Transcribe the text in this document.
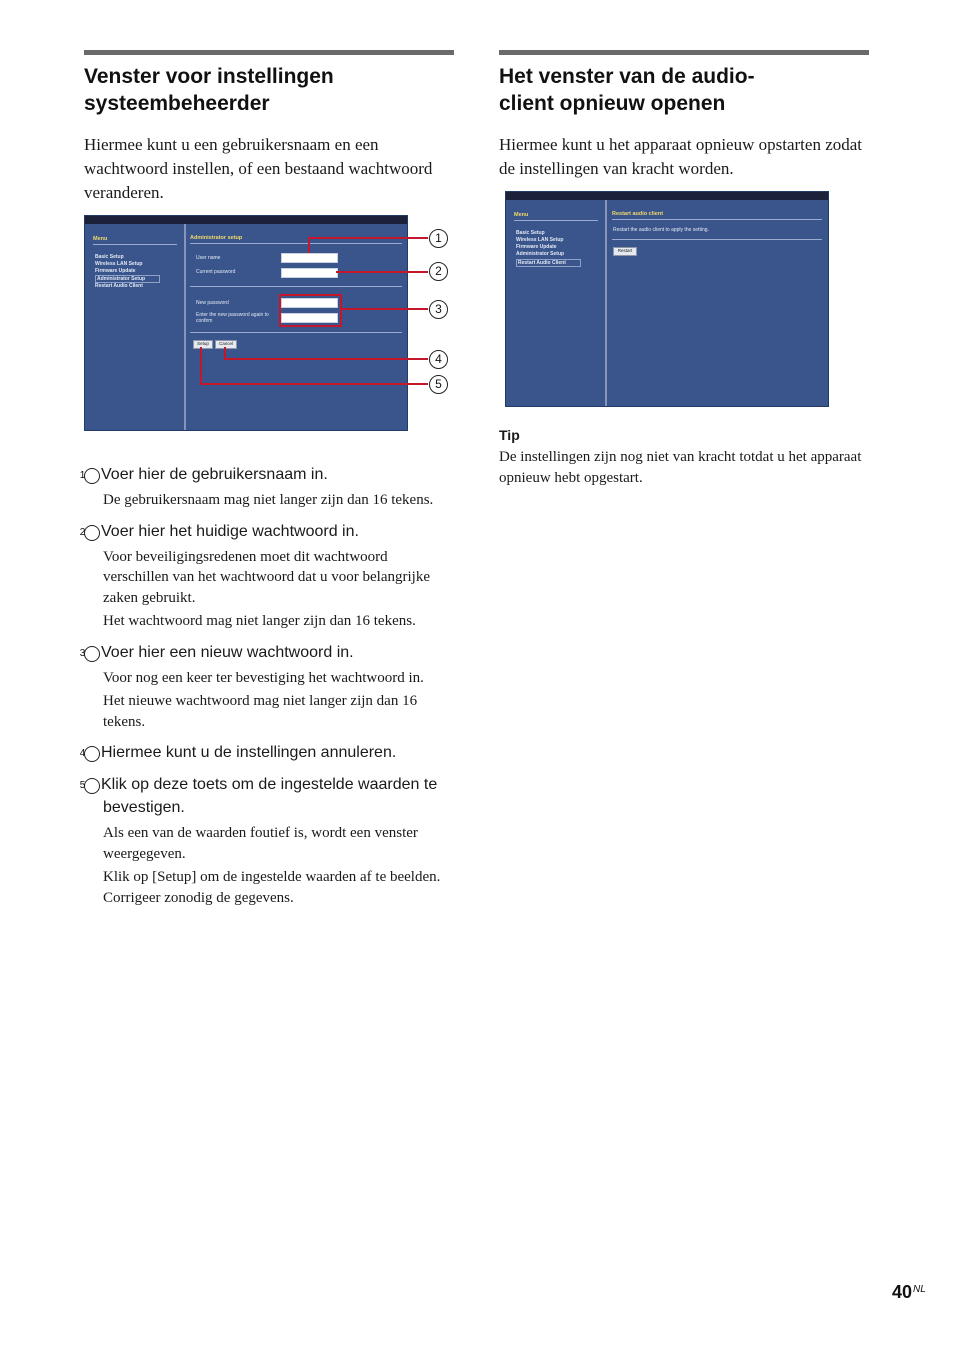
Venster voor instellingen
systeembeheerder

Hiermee kunt u een gebruikersnaam en een wachtwoord instellen, of een bestaand wachtwoord veranderen.

Menu
Basic Setup
Wireless LAN Setup
Firmware Update
Administrator Setup
Restart Audio Client
Administrator setup
User name
Current password
New password
Enter the new password again to
confirm
Setup	Cancel
1
2
3
4
5
1 Voer hier de gebruikersnaam in.
De gebruikersnaam mag niet langer zijn dan 16 tekens.
2 Voer hier het huidige wachtwoord in.
Voor beveiligingsredenen moet dit wachtwoord verschillen van het wachtwoord dat u voor belangrijke zaken gebruikt.
Het wachtwoord mag niet langer zijn dan 16 tekens.
3 Voer hier een nieuw wachtwoord in.
Voor nog een keer ter bevestiging het wachtwoord in.
Het nieuwe wachtwoord mag niet langer zijn dan 16 tekens.
4 Hiermee kunt u de instellingen annuleren.
5 Klik op deze toets om de ingestelde waarden te bevestigen.
Als een van de waarden foutief is, wordt een venster weergegeven.
Klik op [Setup] om de ingestelde waarden af te beelden. Corrigeer zonodig de gegevens.
Het venster van de audio-
client opnieuw openen

Hiermee kunt u het apparaat opnieuw opstarten zodat de instellingen van kracht worden.

Menu
Basic Setup
Wireless LAN Setup
Firmware Update
Administrator Setup
Restart Audio Client
Restart audio client
Restart the audio client to apply the setting.
Restart
Tip
De instellingen zijn nog niet van kracht totdat u het apparaat opnieuw hebt opgestart.
$40^{NL}$
